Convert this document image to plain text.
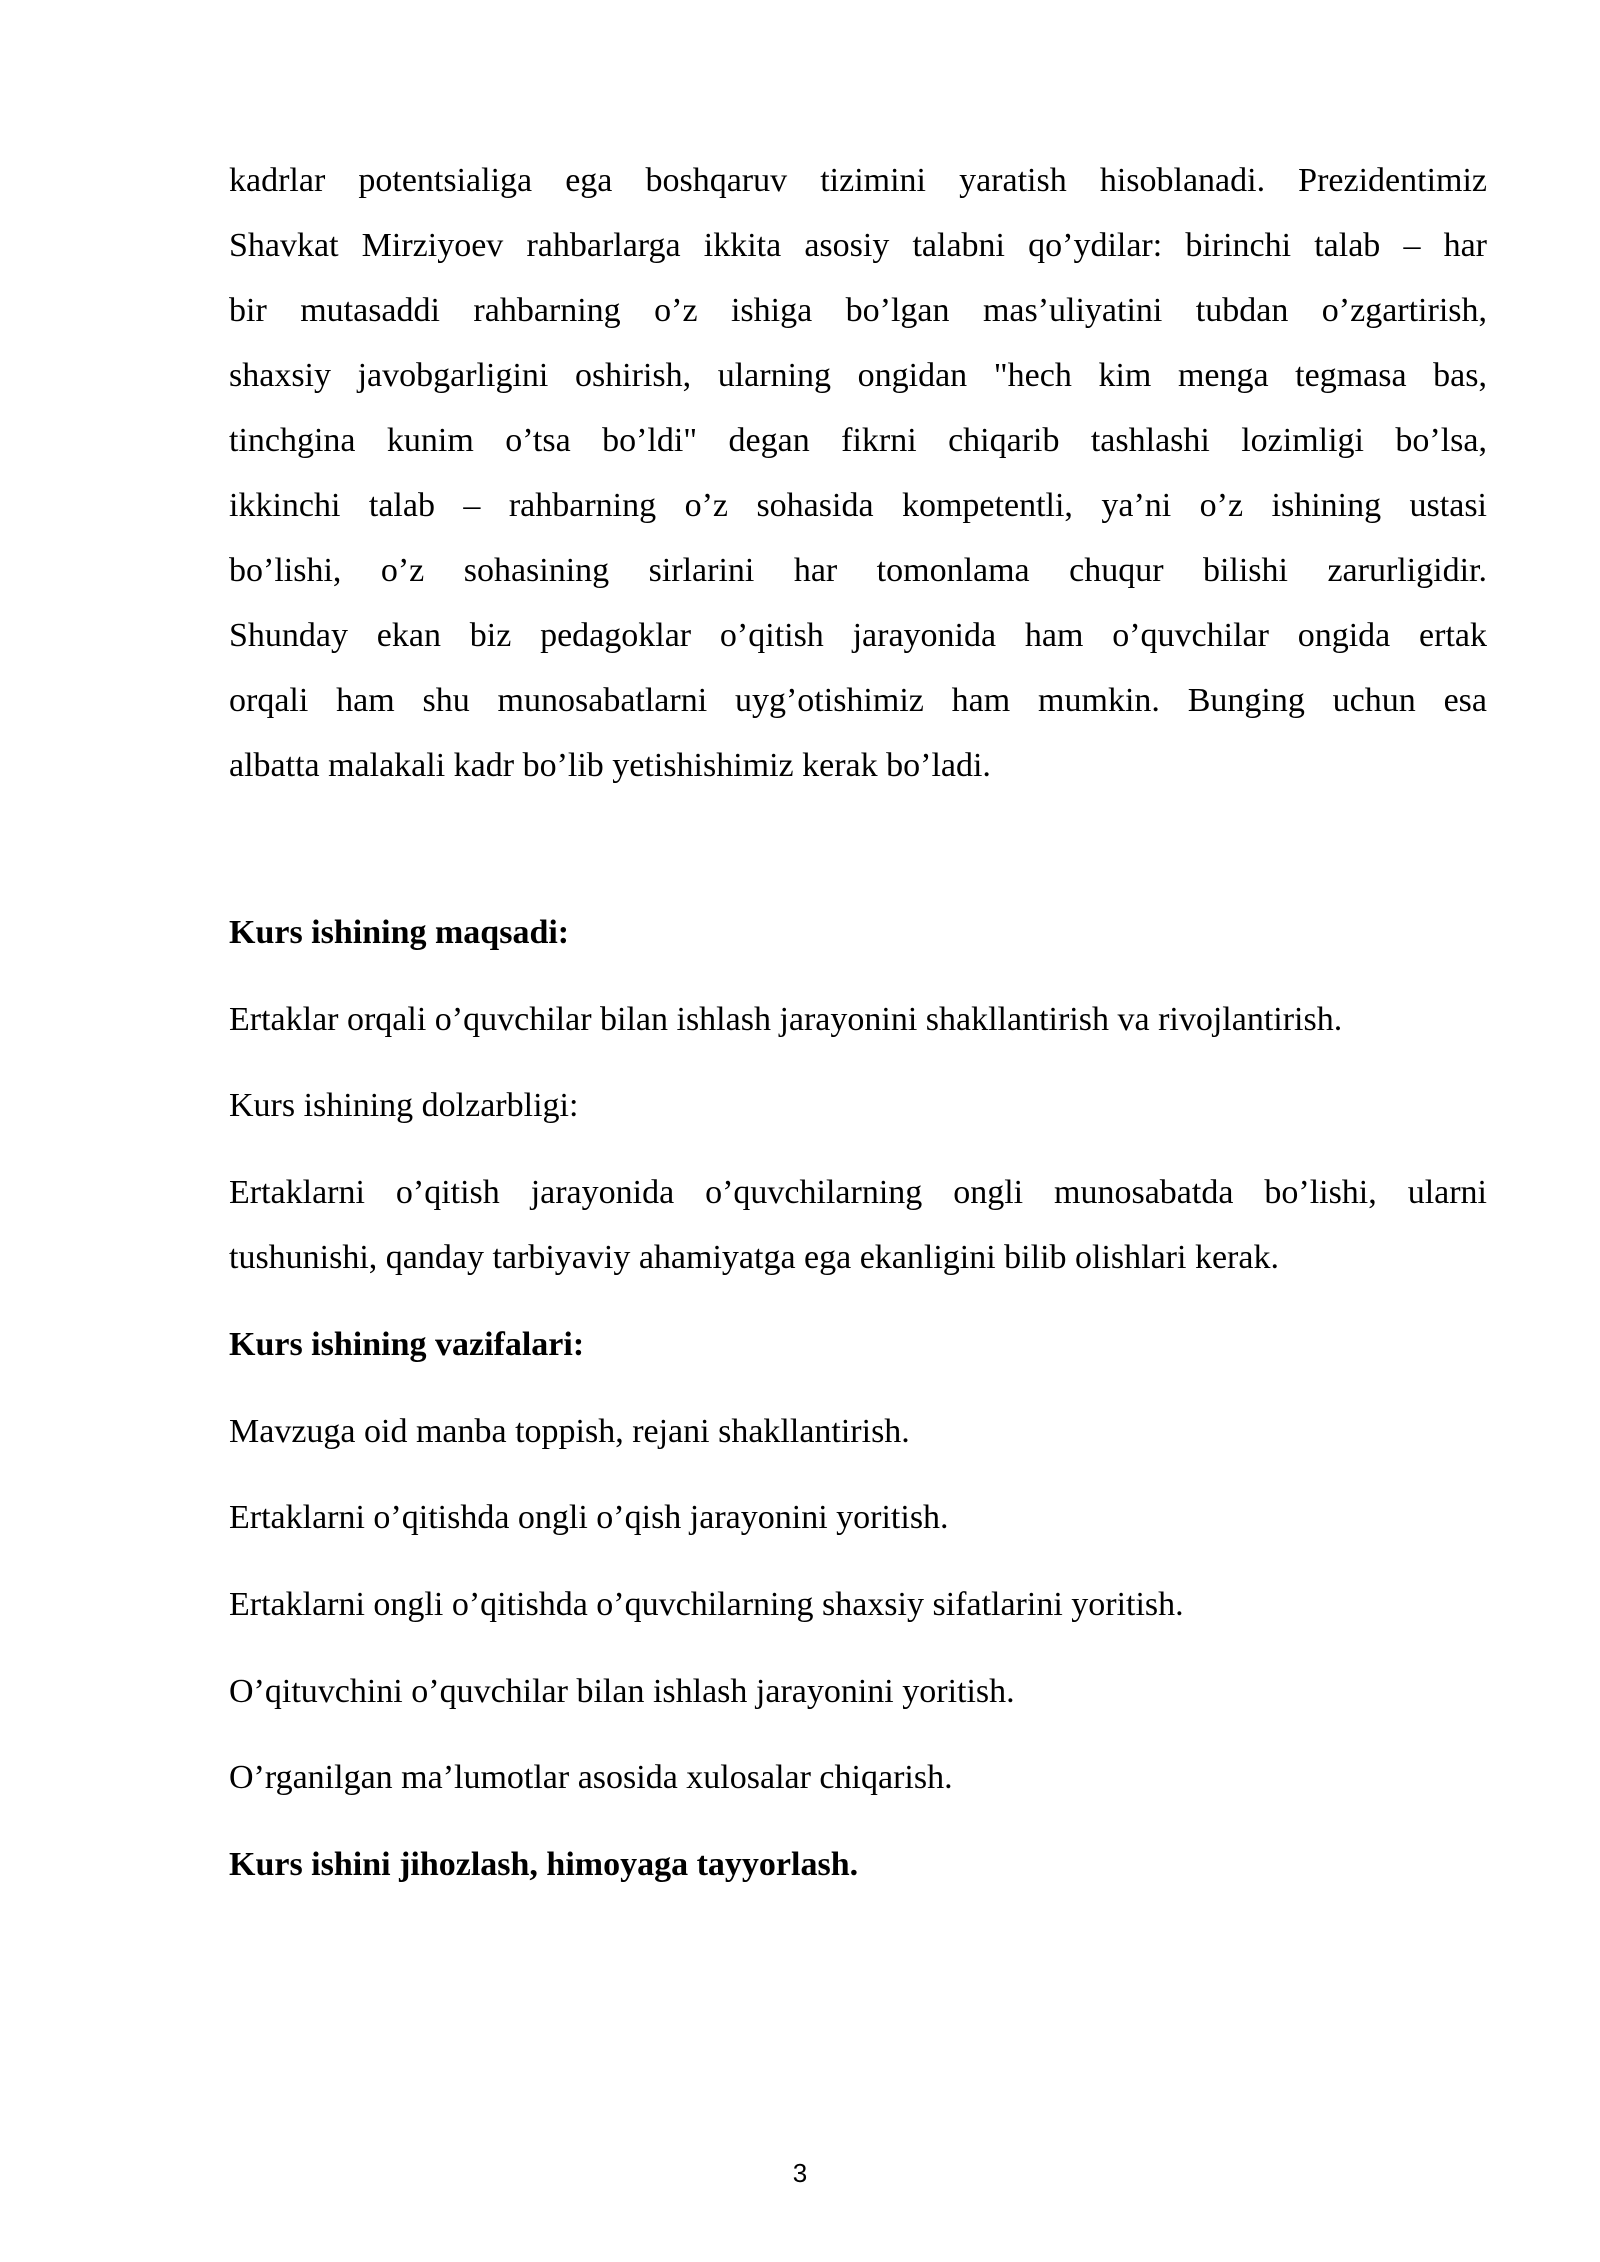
kadrlar potentsialiga ega boshqaruv tizimini yaratish hisoblanadi. Prezidentimiz
Shavkat Mirziyoev rahbarlarga ikkita asosiy talabni qo’ydilar: birinchi talab – har
bir mutasaddi rahbarning o’z ishiga bo’lgan mas’uliyatini tubdan o’zgartirish,
shaxsiy javobgarligini oshirish, ularning ongidan "hech kim menga tegmasa bas,
tinchgina kunim o’tsa bo’ldi" degan fikrni chiqarib tashlashi lozimligi bo’lsa,
ikkinchi talab – rahbarning o’z sohasida kompetentli, ya’ni o’z ishining ustasi
bo’lishi, o’z sohasining sirlarini har tomonlama chuqur bilishi zarurligidir.
Shunday ekan biz pedagoklar o’qitish jarayonida ham o’quvchilar ongida ertak
orqali ham shu munosabatlarni uyg’otishimiz ham mumkin. Bunging uchun esa
albatta malakali kadr bo’lib yetishishimiz kerak bo’ladi.

Kurs ishining maqsadi:

Ertaklar orqali o’quvchilar bilan ishlash jarayonini shakllantirish va rivojlantirish.

Kurs ishining dolzarbligi:

Ertaklarni o’qitish jarayonida o’quvchilarning ongli munosabatda bo’lishi, ularni
tushunishi, qanday tarbiyaviy ahamiyatga ega ekanligini bilib olishlari kerak.

Kurs ishining vazifalari:

Mavzuga oid manba toppish, rejani shakllantirish.

Ertaklarni o’qitishda ongli o’qish jarayonini yoritish.

Ertaklarni ongli o’qitishda o’quvchilarning shaxsiy sifatlarini yoritish.

O’qituvchini o’quvchilar bilan ishlash jarayonini yoritish.

O’rganilgan ma’lumotlar asosida xulosalar chiqarish.

Kurs ishini jihozlash, himoyaga tayyorlash.

3
